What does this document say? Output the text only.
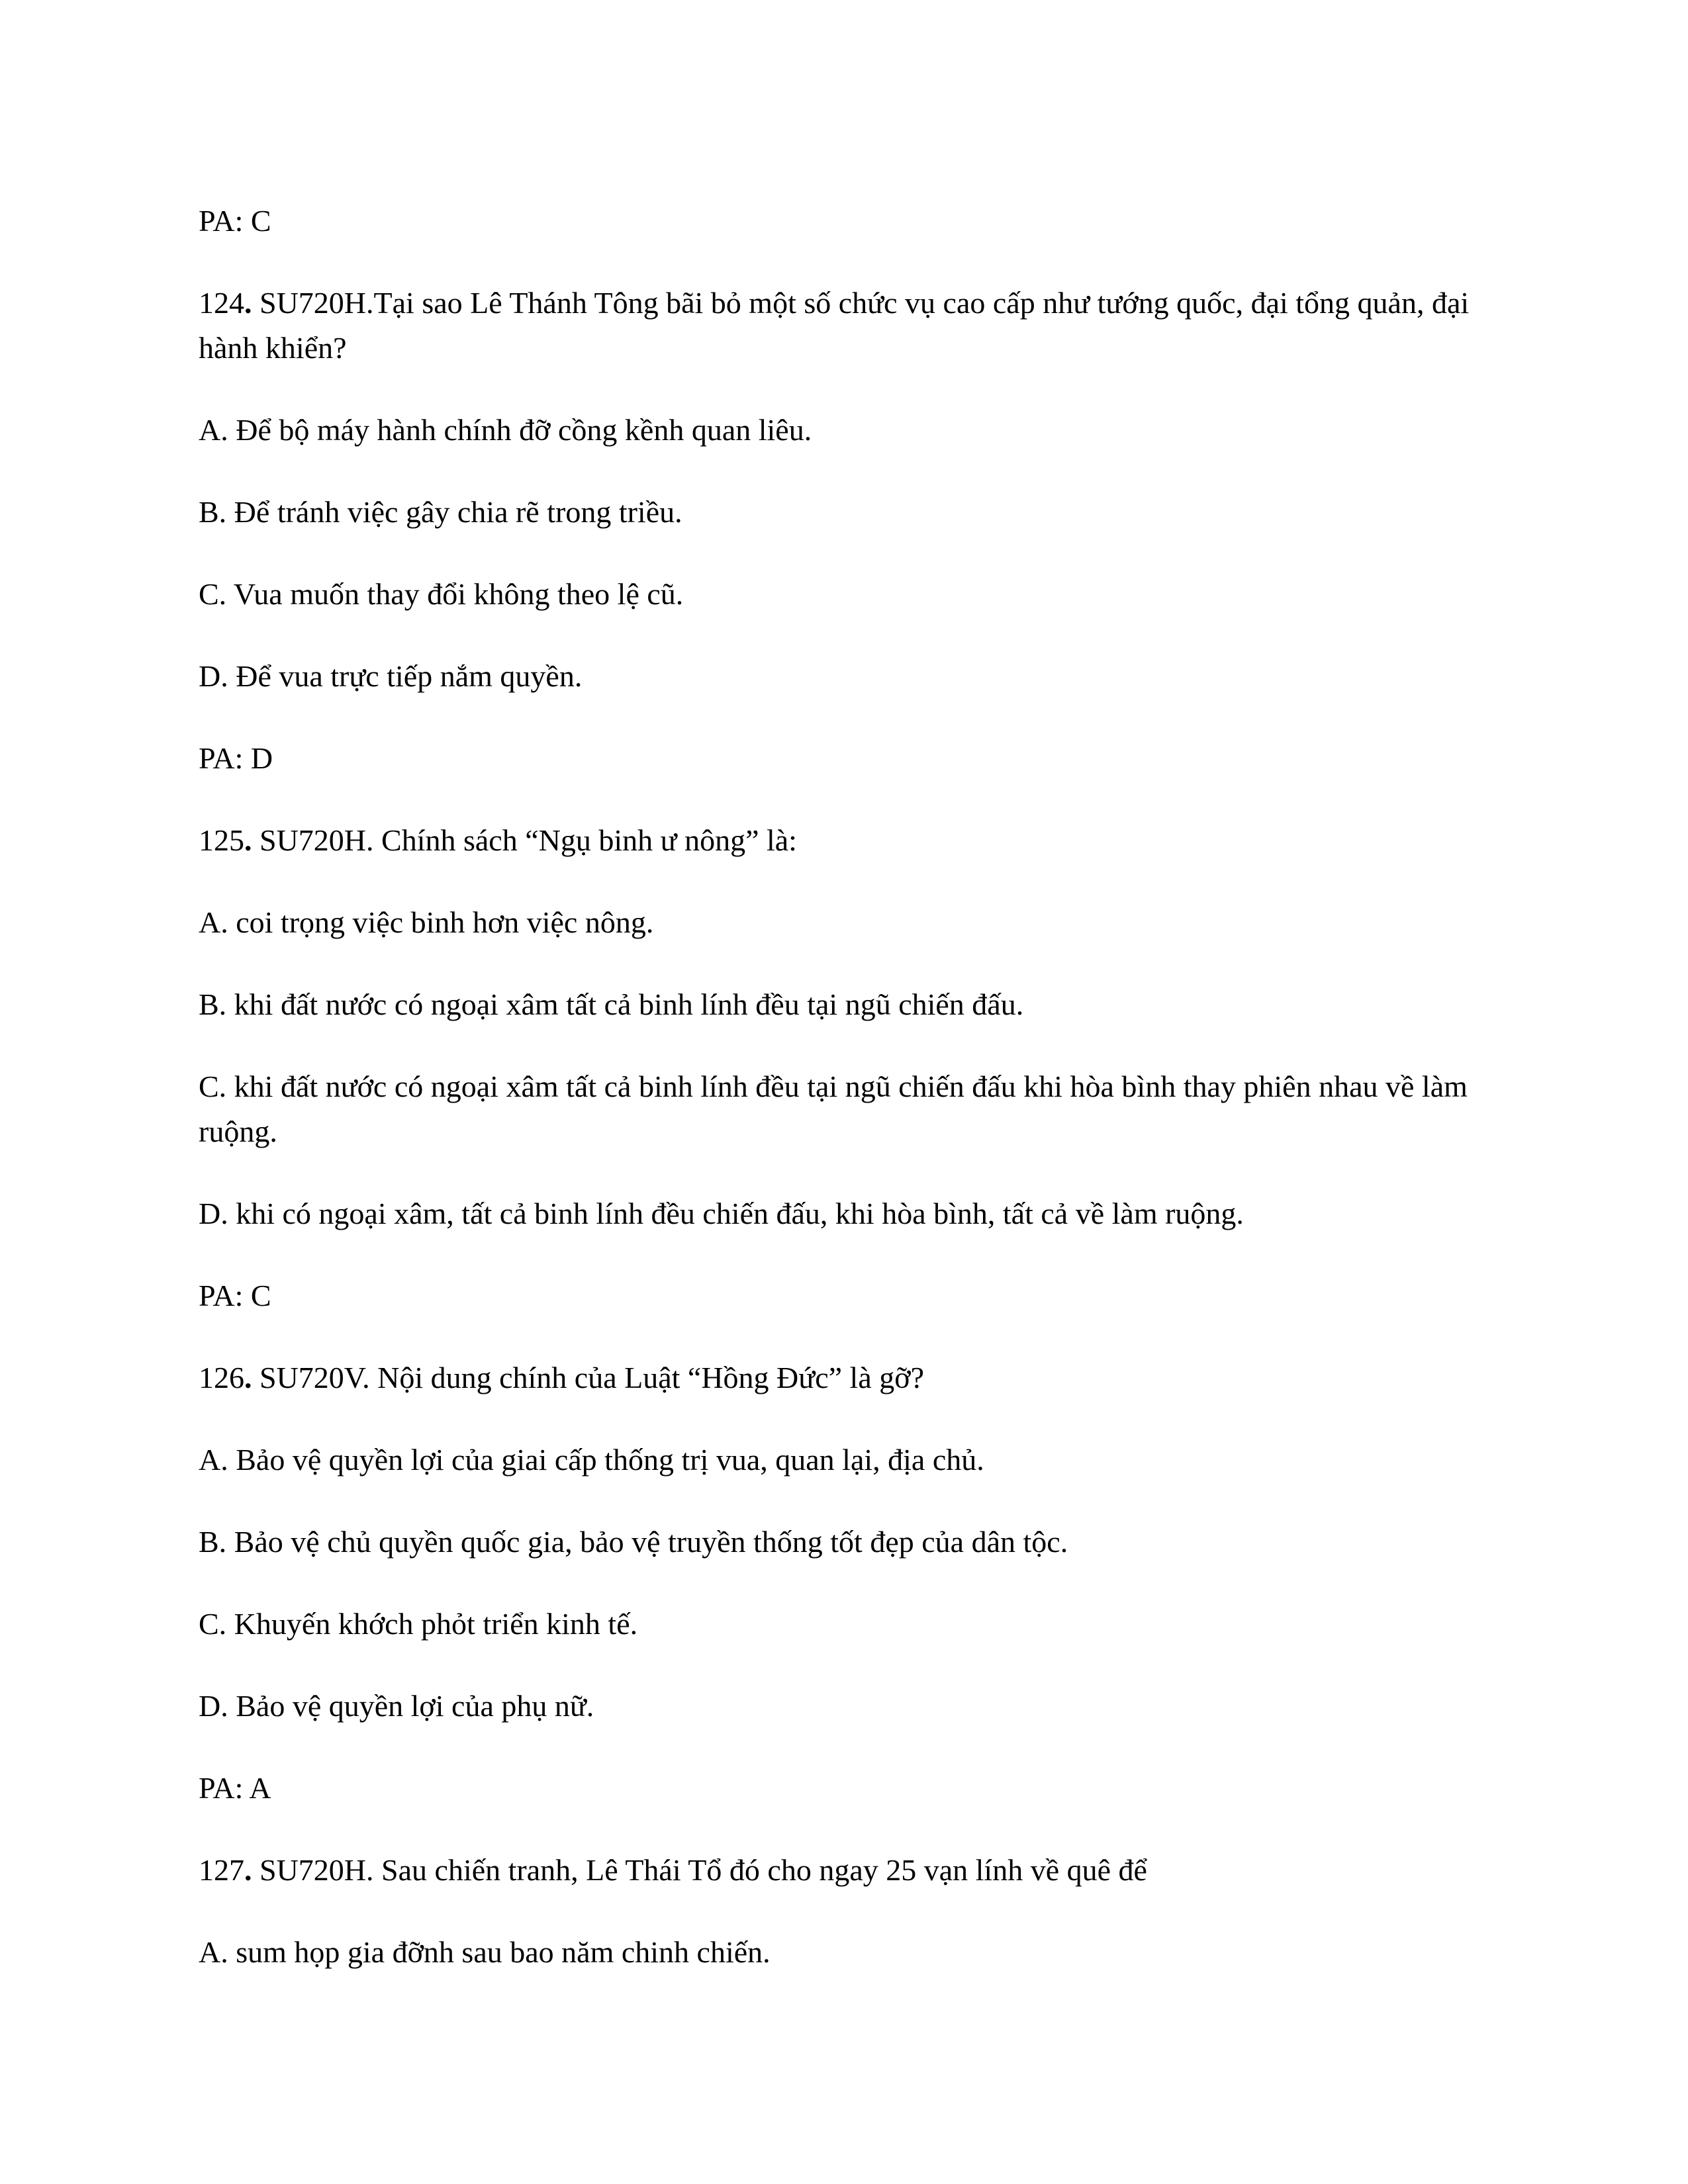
PA: C

124. SU720H.Tại sao Lê Thánh Tông bãi bỏ một số chức vụ cao cấp như tướng quốc, đại tổng quản, đại hành khiển?

A. Để bộ máy hành chính đỡ cồng kềnh quan liêu.

B. Để tránh việc gây chia rẽ trong triều.

C. Vua muốn thay đổi không theo lệ cũ.

D. Để vua trực tiếp nắm quyền.

PA: D

125. SU720H. Chính sách “Ngụ binh ư nông” là:

A. coi trọng việc binh hơn việc nông.

B. khi đất nước có ngoại xâm tất cả binh lính đều tại ngũ chiến đấu.

C. khi đất nước có ngoại xâm tất cả binh lính đều tại ngũ chiến đấu khi hòa bình thay phiên nhau về làm ruộng.

D. khi có ngoại xâm, tất cả binh lính đều chiến đấu, khi hòa bình, tất cả về làm ruộng.

PA: C

126. SU720V. Nội dung chính của Luật “Hồng Đức” là gỡ?

A. Bảo vệ quyền lợi của giai cấp thống trị vua, quan lại, địa chủ.

B. Bảo vệ chủ quyền quốc gia, bảo vệ truyền thống tốt đẹp của dân tộc.

C. Khuyến khớch phỏt triển kinh tế.

D. Bảo vệ quyền lợi của phụ nữ.

PA: A

127. SU720H. Sau chiến tranh, Lê Thái Tổ đó cho ngay 25 vạn lính về quê để

A. sum họp gia đỡnh sau bao năm chinh chiến.
